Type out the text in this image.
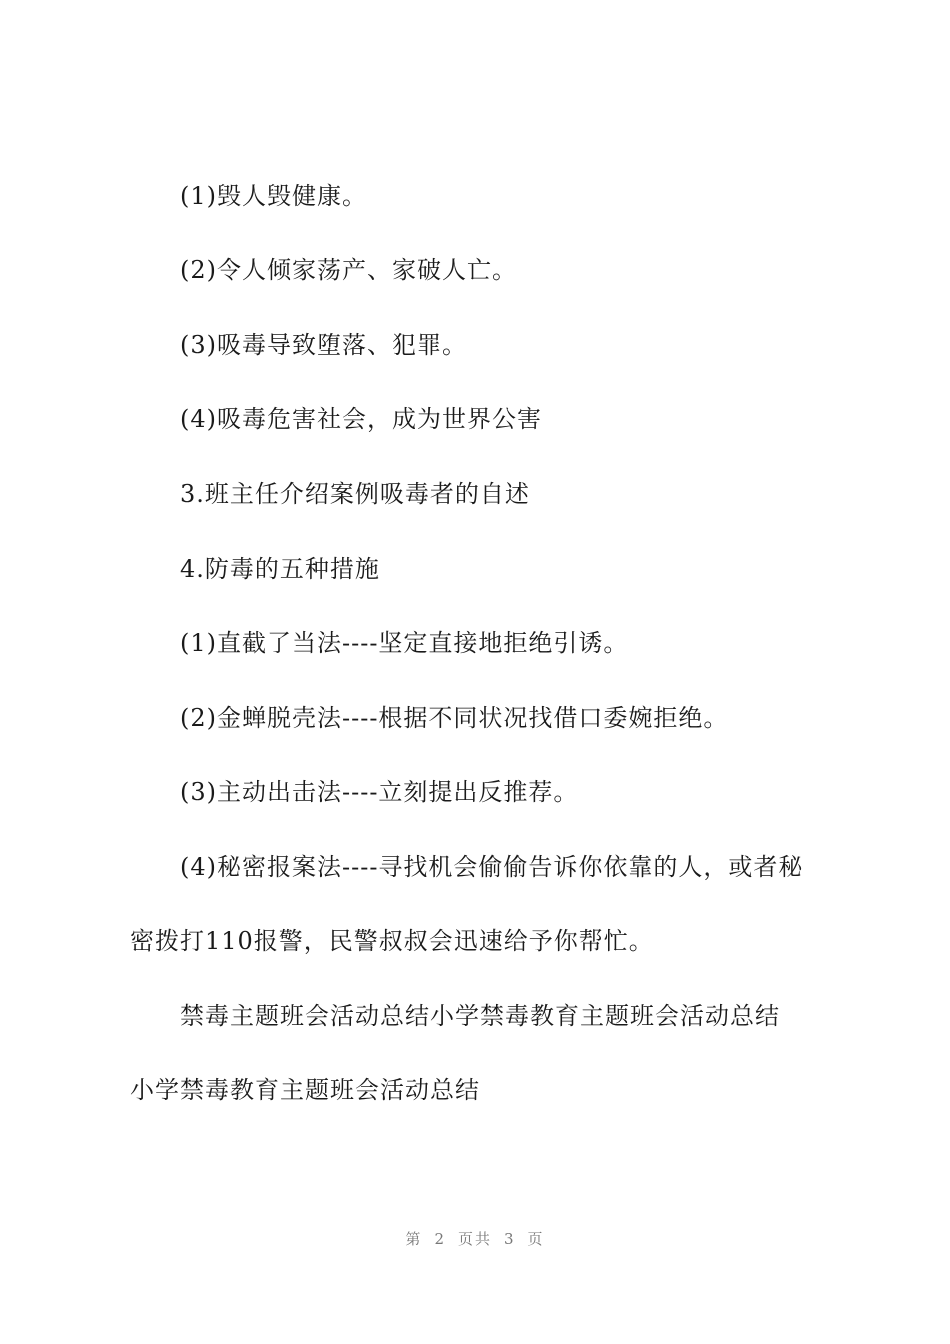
(1)毁人毁健康。
(2)令人倾家荡产、家破人亡。
(3)吸毒导致堕落、犯罪。
(4)吸毒危害社会，成为世界公害
3.班主任介绍案例吸毒者的自述
4.防毒的五种措施
(1)直截了当法----坚定直接地拒绝引诱。
(2)金蝉脱壳法----根据不同状况找借口委婉拒绝。
(3)主动出击法----立刻提出反推荐。
(4)秘密报案法----寻找机会偷偷告诉你依靠的人，或者秘
密拨打110报警，民警叔叔会迅速给予你帮忙。
禁毒主题班会活动总结小学禁毒教育主题班会活动总结
小学禁毒教育主题班会活动总结
第 2 页共 3 页
